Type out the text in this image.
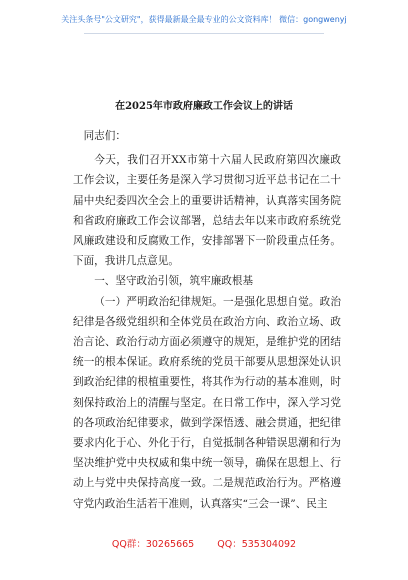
关注头条号"公文研究"，获得最新最全最专业的公文资料库！ 微信：gongwenyj
在2025年市政府廉政工作会议上的讲话

同志们：

今天，我们召开XX市第十六届人民政府第四次廉政工作会议，主要任务是深入学习贯彻习近平总书记在二十届中央纪委四次全会上的重要讲话精神，认真落实国务院和省政府廉政工作会议部署，总结去年以来市政府系统党风廉政建设和反腐败工作，安排部署下一阶段重点任务。下面，我讲几点意见。

一、坚守政治引领，筑牢廉政根基

（一）严明政治纪律规矩。一是强化思想自觉。政治纪律是各级党组织和全体党员在政治方向、政治立场、政治言论、政治行动方面必须遵守的规矩，是维护党的团结统一的根本保证。政府系统的党员干部要从思想深处认识到政治纪律的根植重要性，将其作为行动的基本准则，时刻保持政治上的清醒与坚定。在日常工作中，深入学习党的各项政治纪律要求，做到学深悟透、融会贯通，把纪律要求内化于心、外化于行，自觉抵制各种错误思潮和行为坚决维护党中央权威和集中统一领导，确保在思想上、行动上与党中央保持高度一致。二是规范政治行为。严格遵守党内政治生活若干准则，认真落实“三会一课”、民主

QQ群：30265665 QQ：535304092
